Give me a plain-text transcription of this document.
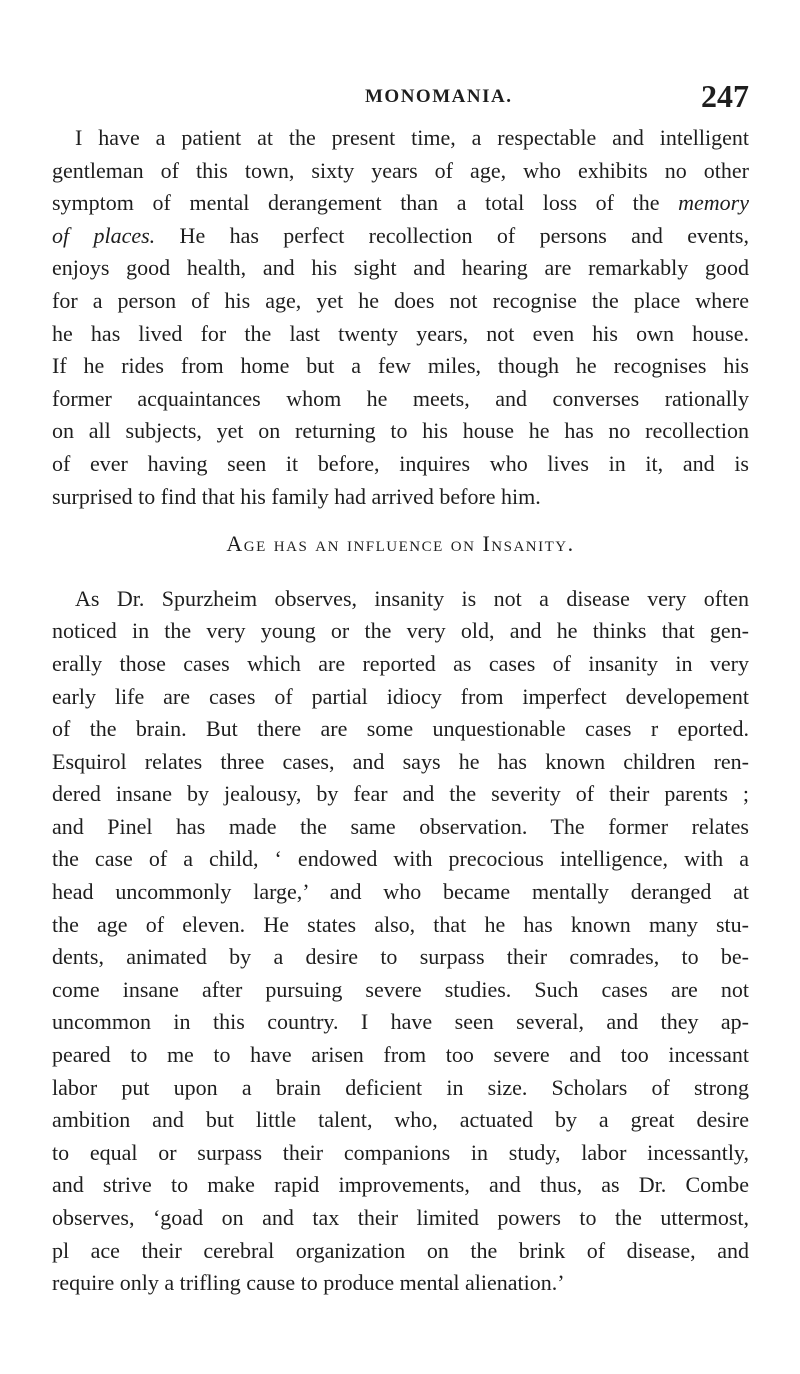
MONOMANIA.	247

I have a patient at the present time, a respectable and intelligent
gentleman of this town, sixty years of age, who exhibits no other
symptom of mental derangement than a total loss of the memory
of places. He has perfect recollection of persons and events,
enjoys good health, and his sight and hearing are remarkably good
for a person of his age, yet he does not recognise the place where
he has lived for the last twenty years, not even his own house.
If he rides from home but a few miles, though he recognises his
former acquaintances whom he meets, and converses rationally
on all subjects, yet on returning to his house he has no recollection
of ever having seen it before, inquires who lives in it, and is
surprised to find that his family had arrived before him.

Age has an influence on Insanity.

As Dr. Spurzheim observes, insanity is not a disease very often
noticed in the very young or the very old, and he thinks that gen-
erally those cases which are reported as cases of insanity in very
early life are cases of partial idiocy from imperfect developement
of the brain. But there are some unquestionable cases r eported.
Esquirol relates three cases, and says he has known children ren-
dered insane by jealousy, by fear and the severity of their parents ;
and Pinel has made the same observation. The former relates
the case of a child, ‘ endowed with precocious intelligence, with a
head uncommonly large,’ and who became mentally deranged at
the age of eleven. He states also, that he has known many stu-
dents, animated by a desire to surpass their comrades, to be-
come insane after pursuing severe studies. Such cases are not
uncommon in this country. I have seen several, and they ap-
peared to me to have arisen from too severe and too incessant
labor put upon a brain deficient in size. Scholars of strong
ambition and but little talent, who, actuated by a great desire
to equal or surpass their companions in study, labor incessantly,
and strive to make rapid improvements, and thus, as Dr. Combe
observes, ‘goad on and tax their limited powers to the uttermost,
pl ace their cerebral organization on the brink of disease, and
require only a trifling cause to produce mental alienation.’
